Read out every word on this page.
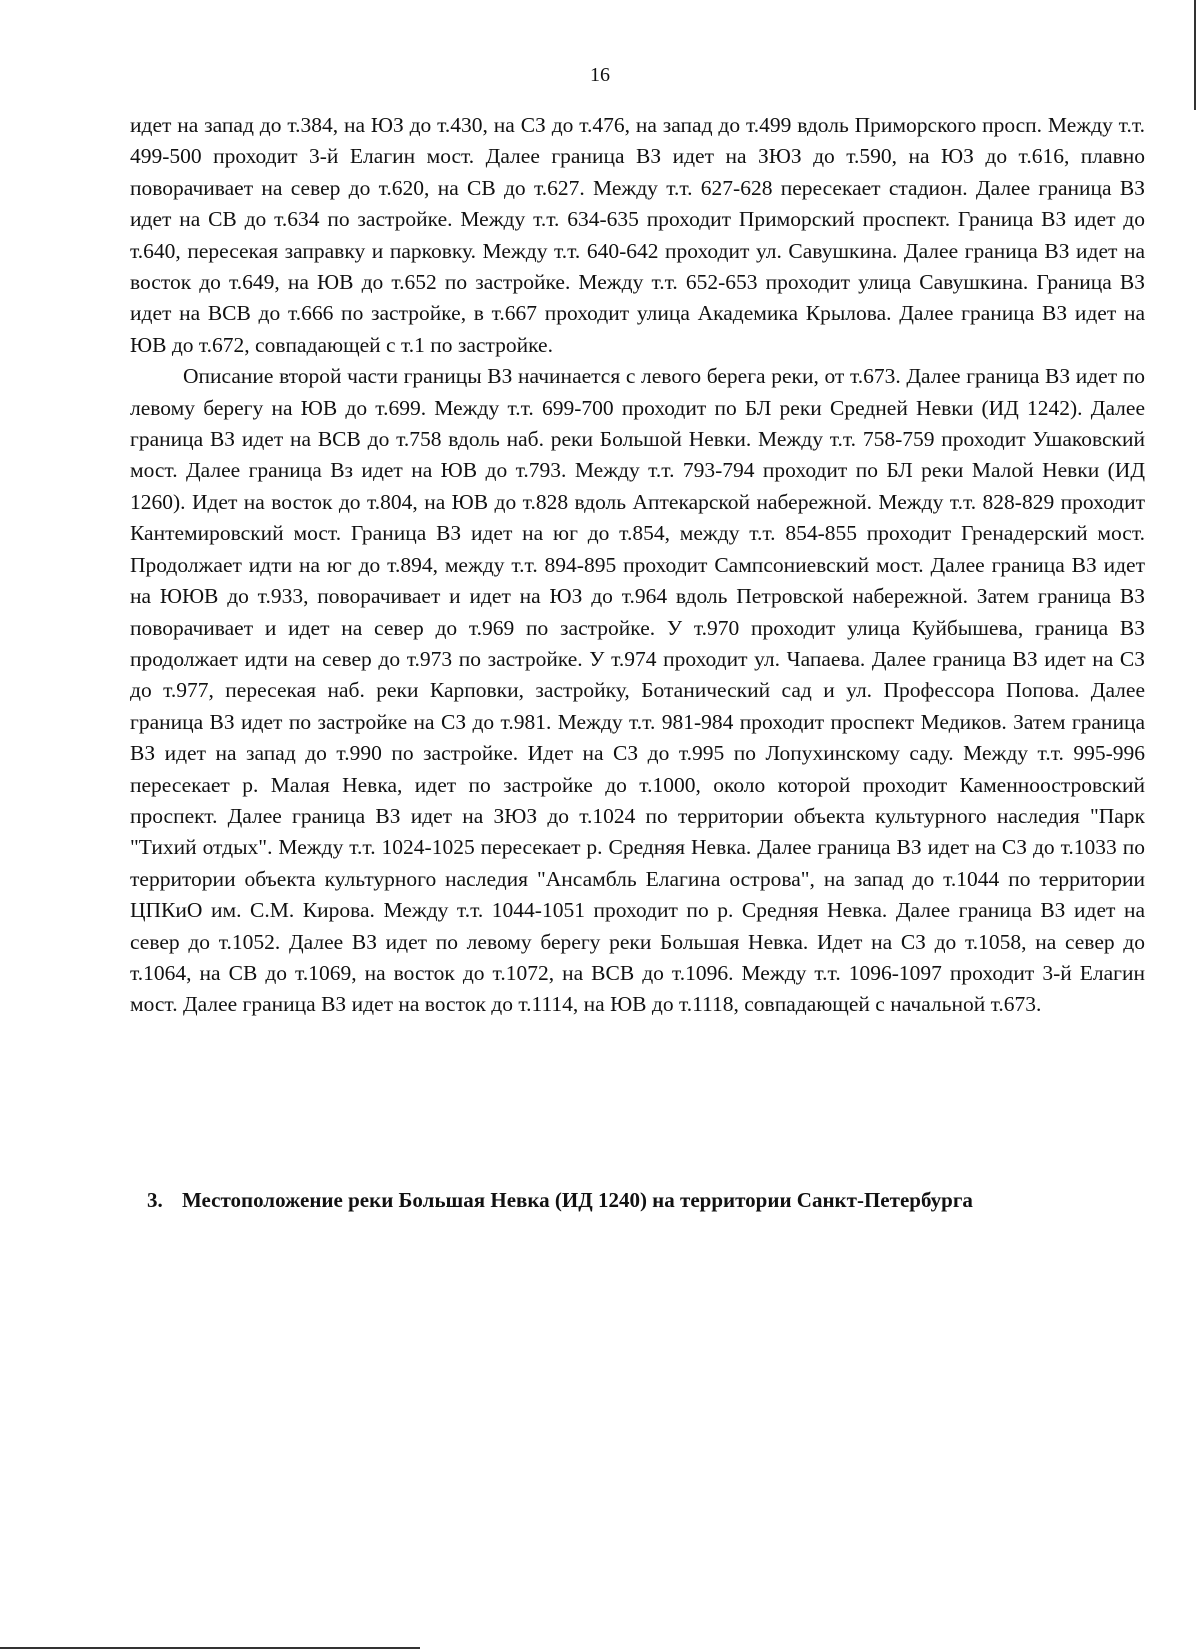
16

идет на запад до т.384, на ЮЗ до т.430, на СЗ до т.476, на запад до т.499 вдоль Приморского просп. Между т.т. 499-500 проходит 3-й Елагин мост. Далее граница ВЗ идет на ЗЮЗ до т.590, на ЮЗ до т.616, плавно поворачивает на север до т.620, на СВ до т.627. Между т.т. 627-628 пересекает стадион. Далее граница ВЗ идет на СВ до т.634 по застройке. Между т.т. 634-635 проходит Приморский проспект. Граница ВЗ идет до т.640, пересекая заправку и парковку. Между т.т. 640-642 проходит ул. Савушкина. Далее граница ВЗ идет на восток до т.649, на ЮВ до т.652 по застройке. Между т.т. 652-653 проходит улица Савушкина. Граница ВЗ идет на ВСВ до т.666 по застройке, в т.667 проходит улица Академика Крылова. Далее граница ВЗ идет на ЮВ до т.672, совпадающей с т.1 по застройке.

Описание второй части границы ВЗ начинается с левого берега реки, от т.673. Далее граница ВЗ идет по левому берегу на ЮВ до т.699. Между т.т. 699-700 проходит по БЛ реки Средней Невки (ИД 1242). Далее граница ВЗ идет на ВСВ до т.758 вдоль наб. реки Большой Невки. Между т.т. 758-759 проходит Ушаковский мост. Далее граница Вз идет на ЮВ до т.793. Между т.т. 793-794 проходит по БЛ реки Малой Невки (ИД 1260). Идет на восток до т.804, на ЮВ до т.828 вдоль Аптекарской набережной. Между т.т. 828-829 проходит Кантемировский мост. Граница ВЗ идет на юг до т.854, между т.т. 854-855 проходит Гренадерский мост. Продолжает идти на юг до т.894, между т.т. 894-895 проходит Сампсониевский мост. Далее граница ВЗ идет на ЮЮВ до т.933, поворачивает и идет на ЮЗ до т.964 вдоль Петровской набережной. Затем граница ВЗ поворачивает и идет на север до т.969 по застройке. У т.970 проходит улица Куйбышева, граница ВЗ продолжает идти на север до т.973 по застройке. У т.974 проходит ул. Чапаева. Далее граница ВЗ идет на СЗ до т.977, пересекая наб. реки Карповки, застройку, Ботанический сад и ул. Профессора Попова. Далее граница ВЗ идет по застройке на СЗ до т.981. Между т.т. 981-984 проходит проспект Медиков. Затем граница ВЗ идет на запад до т.990 по застройке. Идет на СЗ до т.995 по Лопухинскому саду. Между т.т. 995-996 пересекает р. Малая Невка, идет по застройке до т.1000, около которой проходит Каменноостровский проспект. Далее граница ВЗ идет на ЗЮЗ до т.1024 по территории объекта культурного наследия "Парк "Тихий отдых". Между т.т. 1024-1025 пересекает р. Средняя Невка. Далее граница ВЗ идет на СЗ до т.1033 по территории объекта культурного наследия "Ансамбль Елагина острова", на запад до т.1044 по территории ЦПКиО им. С.М. Кирова. Между т.т. 1044-1051 проходит по р. Средняя Невка. Далее граница ВЗ идет на север до т.1052. Далее ВЗ идет по левому берегу реки Большая Невка. Идет на СЗ до т.1058, на север до т.1064, на СВ до т.1069, на восток до т.1072, на ВСВ до т.1096. Между т.т. 1096-1097 проходит 3-й Елагин мост. Далее граница ВЗ идет на восток до т.1114, на ЮВ до т.1118, совпадающей с начальной т.673.

3. Местоположение реки Большая Невка (ИД 1240) на территории Санкт-Петербурга
